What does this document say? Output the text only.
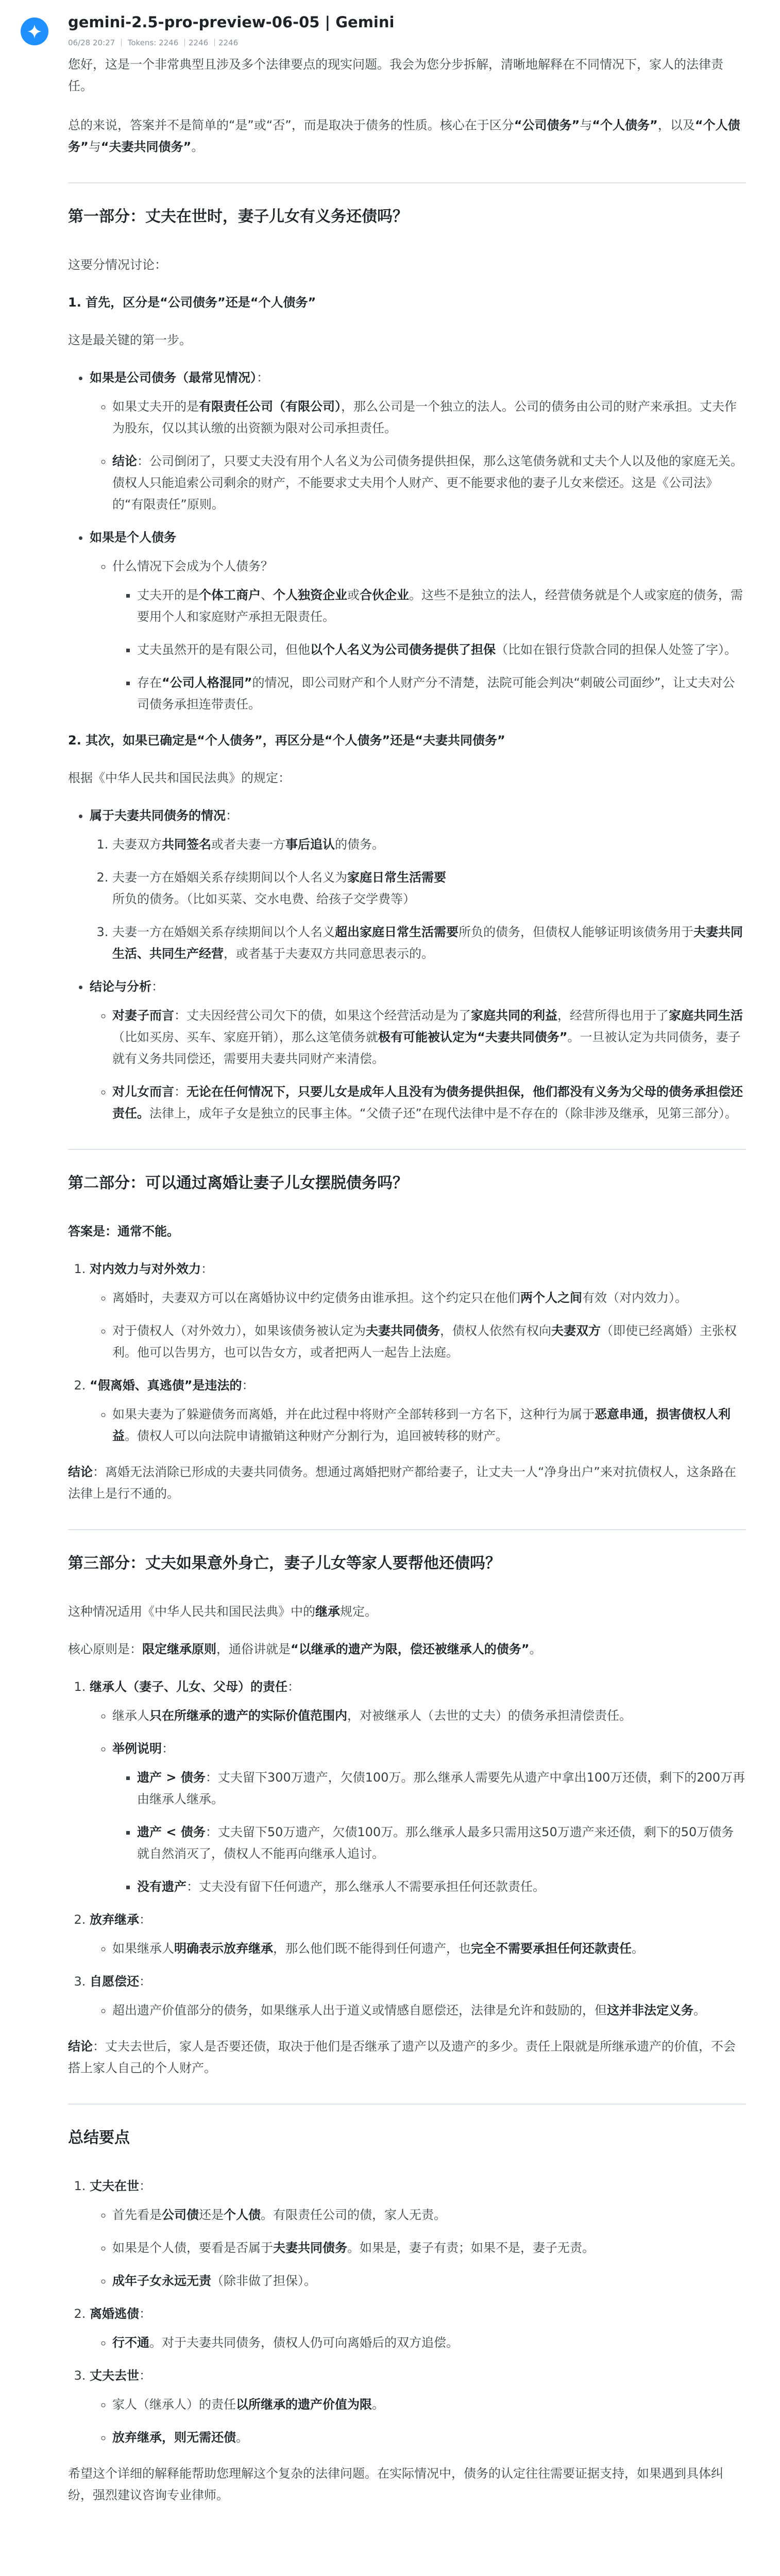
gemini-2.5-pro-preview-06-05 | Gemini
06/28 20:27 ｜ Tokens: 2246 ｜2246 ｜2246

您好，这是一个非常典型且涉及多个法律要点的现实问题。我会为您分步拆解，清晰地解释在不同情况下，家人的法律责任。

总的来说，答案并不是简单的“是”或“否”，而是取决于债务的性质。核心在于区分“公司债务”与“个人债务”，以及“个人债务”与“夫妻共同债务”。

第一部分：丈夫在世时，妻子儿女有义务还债吗？

这要分情况讨论：

1. 首先，区分是“公司债务”还是“个人债务”

这是最关键的第一步。

• 如果是公司债务（最常见情况）：
◦ 如果丈夫开的是有限责任公司（有限公司），那么公司是一个独立的法人。公司的债务由公司的财产来承担。丈夫作为股东，仅以其认缴的出资额为限对公司承担责任。
◦ 结论：公司倒闭了，只要丈夫没有用个人名义为公司债务提供担保，那么这笔债务就和丈夫个人以及他的家庭无关。债权人只能追索公司剩余的财产，不能要求丈夫用个人财产、更不能要求他的妻子儿女来偿还。这是《公司法》的“有限责任”原则。
• 如果是个人债务
◦ 什么情况下会成为个人债务？
▪ 丈夫开的是个体工商户、个人独资企业或合伙企业。这些不是独立的法人，经营债务就是个人或家庭的债务，需要用个人和家庭财产承担无限责任。
▪ 丈夫虽然开的是有限公司，但他以个人名义为公司债务提供了担保（比如在银行贷款合同的担保人处签了字）。
▪ 存在“公司人格混同”的情况，即公司财产和个人财产分不清楚，法院可能会判决“刺破公司面纱”，让丈夫对公司债务承担连带责任。

2. 其次，如果已确定是“个人债务”，再区分是“个人债务”还是“夫妻共同债务”

根据《中华人民共和国民法典》的规定：

• 属于夫妻共同债务的情况：
1. 夫妻双方共同签名或者夫妻一方事后追认的债务。
2. 夫妻一方在婚姻关系存续期间以个人名义为家庭日常生活需要所负的债务。（比如买菜、交水电费、给孩子交学费等）
3. 夫妻一方在婚姻关系存续期间以个人名义超出家庭日常生活需要所负的债务，但债权人能够证明该债务用于夫妻共同生活、共同生产经营，或者基于夫妻双方共同意思表示的。
• 结论与分析：
◦ 对妻子而言：丈夫因经营公司欠下的债，如果这个经营活动是为了家庭共同的利益，经营所得也用于了家庭共同生活（比如买房、买车、家庭开销），那么这笔债务就极有可能被认定为“夫妻共同债务”。一旦被认定为共同债务，妻子就有义务共同偿还，需要用夫妻共同财产来清偿。
◦ 对儿女而言：无论在任何情况下，只要儿女是成年人且没有为债务提供担保，他们都没有义务为父母的债务承担偿还责任。法律上，成年子女是独立的民事主体。“父债子还”在现代法律中是不存在的（除非涉及继承，见第三部分）。
第二部分：可以通过离婚让妻子儿女摆脱债务吗？

答案是：通常不能。

1. 对内效力与对外效力：
◦ 离婚时，夫妻双方可以在离婚协议中约定债务由谁承担。这个约定只在他们两个人之间有效（对内效力）。
◦ 对于债权人（对外效力），如果该债务被认定为夫妻共同债务，债权人依然有权向夫妻双方（即使已经离婚）主张权利。他可以告男方，也可以告女方，或者把两人一起告上法庭。
2. “假离婚、真逃债”是违法的：
◦ 如果夫妻为了躲避债务而离婚，并在此过程中将财产全部转移到一方名下，这种行为属于恶意串通，损害债权人利益。债权人可以向法院申请撤销这种财产分割行为，追回被转移的财产。

结论：离婚无法消除已形成的夫妻共同债务。想通过离婚把财产都给妻子，让丈夫一人“净身出户”来对抗债权人，这条路在法律上是行不通的。

第三部分：丈夫如果意外身亡，妻子儿女等家人要帮他还债吗？

这种情况适用《中华人民共和国民法典》中的继承规定。

核心原则是：限定继承原则，通俗讲就是“以继承的遗产为限，偿还被继承人的债务”。

1. 继承人（妻子、儿女、父母）的责任：
◦ 继承人只在所继承的遗产的实际价值范围内，对被继承人（去世的丈夫）的债务承担清偿责任。
◦ 举例说明：
▪ 遗产 > 债务：丈夫留下300万遗产，欠债100万。那么继承人需要先从遗产中拿出100万还债，剩下的200万再由继承人继承。
▪ 遗产 < 债务：丈夫留下50万遗产，欠债100万。那么继承人最多只需用这50万遗产来还债，剩下的50万债务就自然消灭了，债权人不能再向继承人追讨。
▪ 没有遗产：丈夫没有留下任何遗产，那么继承人不需要承担任何还款责任。
2. 放弃继承：
◦ 如果继承人明确表示放弃继承，那么他们既不能得到任何遗产，也完全不需要承担任何还款责任。
3. 自愿偿还：
◦ 超出遗产价值部分的债务，如果继承人出于道义或情感自愿偿还，法律是允许和鼓励的，但这并非法定义务。

结论：丈夫去世后，家人是否要还债，取决于他们是否继承了遗产以及遗产的多少。责任上限就是所继承遗产的价值，不会搭上家人自己的个人财产。

总结要点
1. 丈夫在世：
◦ 首先看是公司债还是个人债。有限责任公司的债，家人无责。
◦ 如果是个人债，要看是否属于夫妻共同债务。如果是，妻子有责；如果不是，妻子无责。
◦ 成年子女永远无责（除非做了担保）。
2. 离婚逃债：
◦ 行不通。对于夫妻共同债务，债权人仍可向离婚后的双方追偿。
3. 丈夫去世：
◦ 家人（继承人）的责任以所继承的遗产价值为限。
◦ 放弃继承，则无需还债。

希望这个详细的解释能帮助您理解这个复杂的法律问题。在实际情况中，债务的认定往往需要证据支持，如果遇到具体纠纷，强烈建议咨询专业律师。
